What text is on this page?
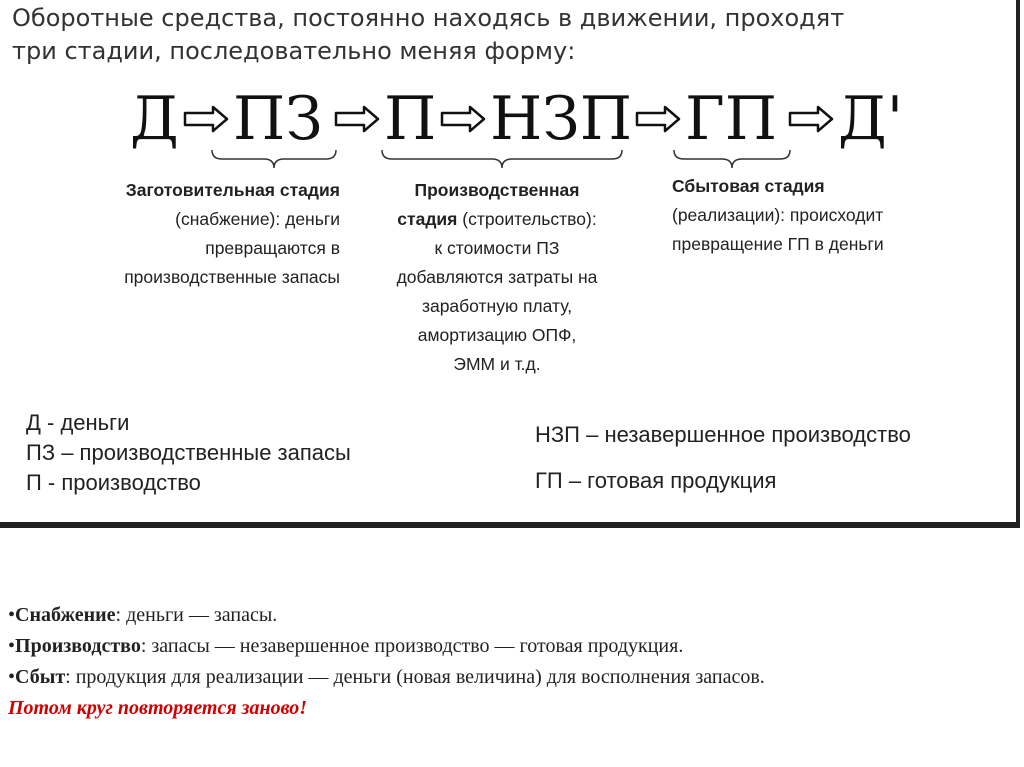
Оборотные средства, постоянно находясь в движении, проходят
три стадии, последовательно меняя форму:
Д ПЗ П НЗП ГП Д'
Заготовительная стадия
(снабжение): деньги
превращаются в
производственные запасы
Производственная
стадия (строительство):
к стоимости ПЗ
добавляются затраты на
заработную плату,
амортизацию ОПФ,
ЭММ и т.д.
Сбытовая стадия
(реализации): происходит
превращение ГП в деньги
Д - деньги
ПЗ – производственные запасы
П - производство
НЗП – незавершенное производство
ГП – готовая продукция
•Снабжение: деньги — запасы.
•Производство: запасы — незавершенное производство — готовая продукция.
•Сбыт: продукция для реализации — деньги (новая величина) для восполнения запасов.
Потом круг повторяется заново!
